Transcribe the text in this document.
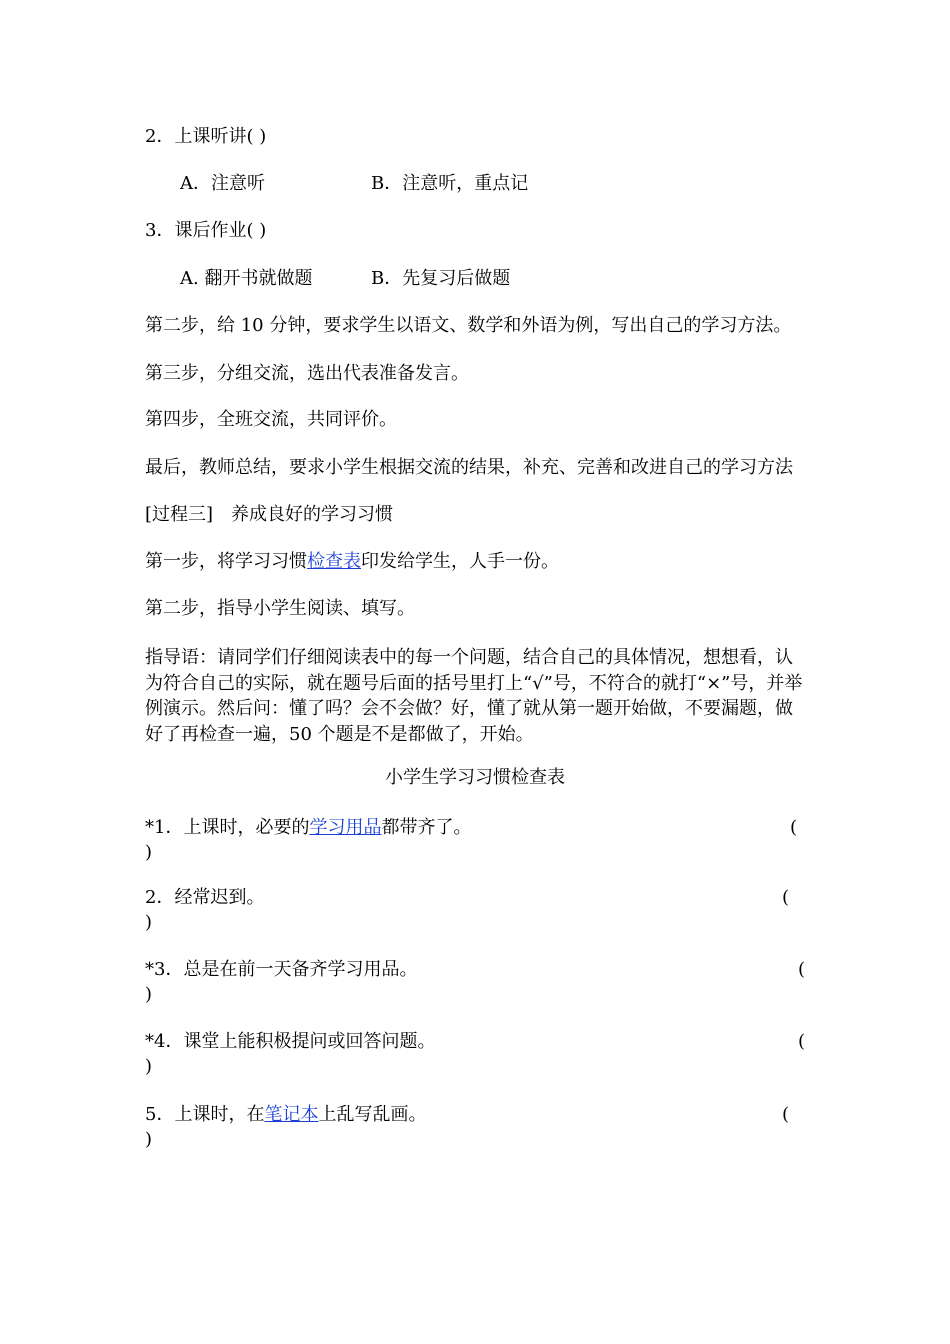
2．上课听讲( )
A．注意听	B．注意听，重点记
3．课后作业( )
A. 翻开书就做题	B．先复习后做题
第二步，给 10 分钟，要求学生以语文、数学和外语为例，写出自己的学习方法。
第三步，分组交流，选出代表准备发言。
第四步，全班交流，共同评价。
最后，教师总结，要求小学生根据交流的结果，补充、完善和改进自己的学习方法
[过程三]　养成良好的学习习惯
第一步，将学习习惯检查表印发给学生，人手一份。
第二步，指导小学生阅读、填写。
指导语：请同学们仔细阅读表中的每一个问题，结合自己的具体情况，想想看，认为符合自己的实际，就在题号后面的括号里打上“√”号，不符合的就打“×”号，并举例演示。然后问：懂了吗？会不会做？好，懂了就从第一题开始做，不要漏题，做好了再检查一遍，50 个题是不是都做了，开始。
小学生学习习惯检查表
*1．上课时，必要的学习用品都带齐了。	(
)
2．经常迟到。	(
)
*3．总是在前一天备齐学习用品。	(
)
*4．课堂上能积极提问或回答问题。	(
)
5．上课时，在笔记本上乱写乱画。	(
)
